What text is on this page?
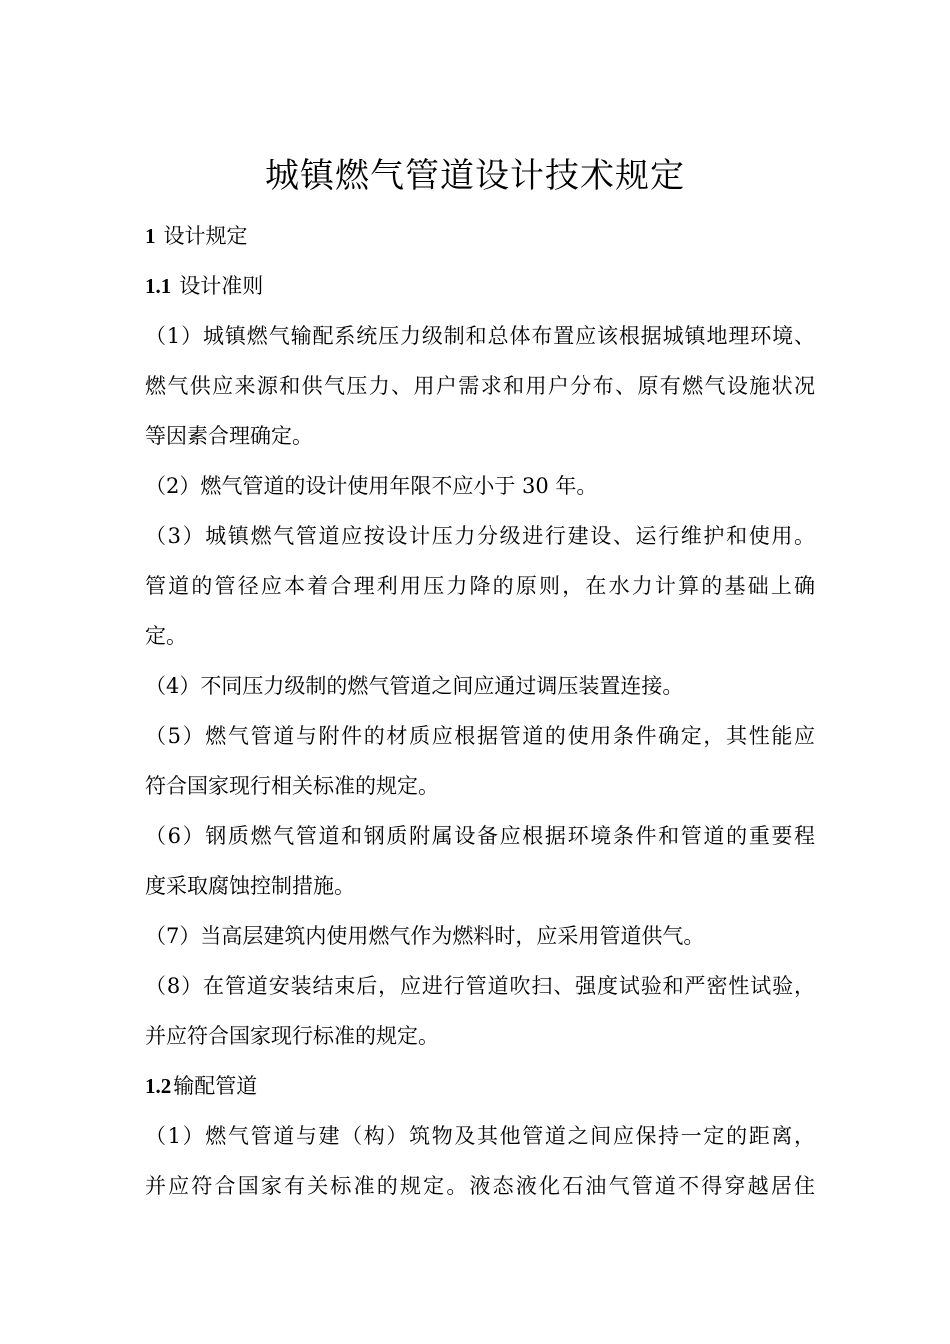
城镇燃气管道设计技术规定
1 设计规定
1.1 设计准则
（1）城镇燃气输配系统压力级制和总体布置应该根据城镇地理环境、
燃气供应来源和供气压力、用户需求和用户分布、原有燃气设施状况
等因素合理确定。
（2）燃气管道的设计使用年限不应小于 30 年。
（3）城镇燃气管道应按设计压力分级进行建设、运行维护和使用。
管道的管径应本着合理利用压力降的原则，在水力计算的基础上确
定。
（4）不同压力级制的燃气管道之间应通过调压装置连接。
（5）燃气管道与附件的材质应根据管道的使用条件确定，其性能应
符合国家现行相关标准的规定。
（6）钢质燃气管道和钢质附属设备应根据环境条件和管道的重要程
度采取腐蚀控制措施。
（7）当高层建筑内使用燃气作为燃料时，应采用管道供气。
（8）在管道安装结束后，应进行管道吹扫、强度试验和严密性试验，
并应符合国家现行标准的规定。
1.2输配管道
（1）燃气管道与建（构）筑物及其他管道之间应保持一定的距离，
并应符合国家有关标准的规定。液态液化石油气管道不得穿越居住
